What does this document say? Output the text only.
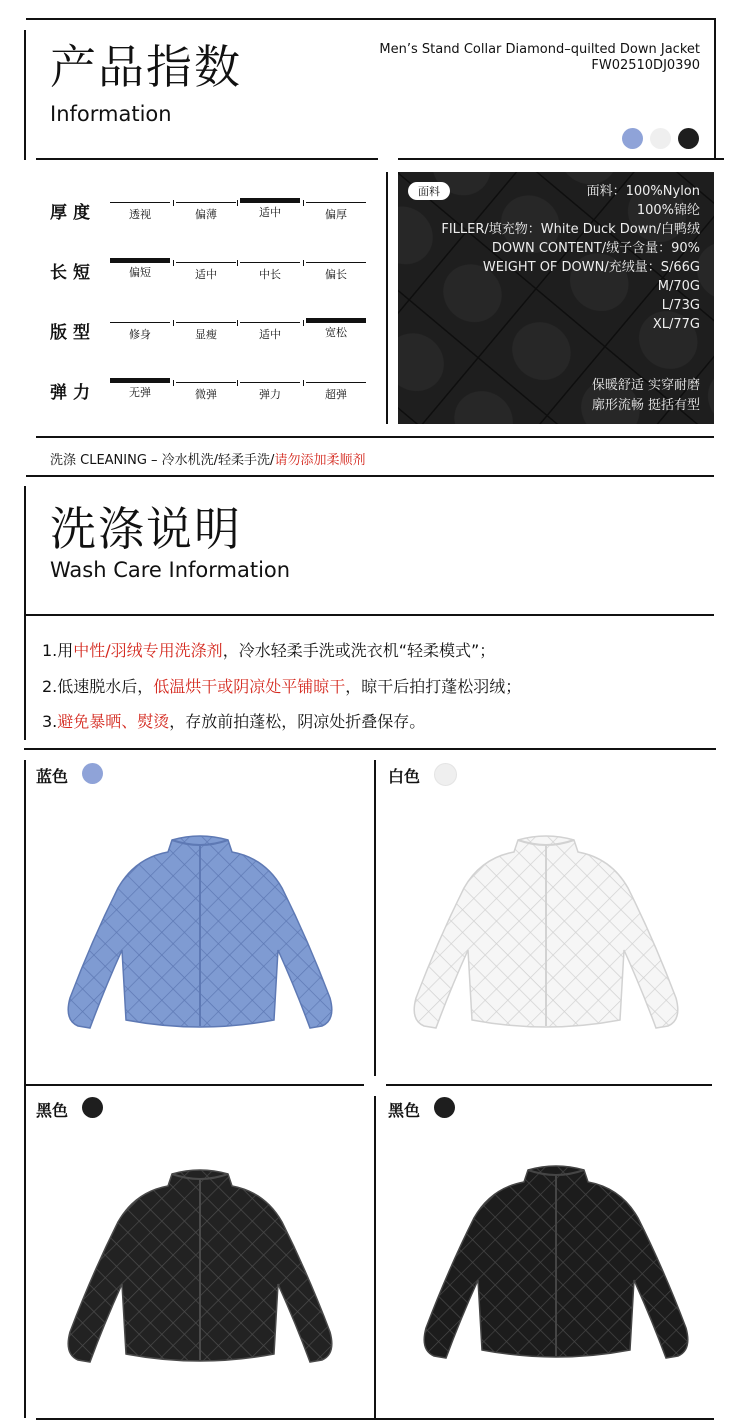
产品指数
Information
Men’s Stand Collar Diamond–quilted Down Jacket
FW02510DJ0390
厚度	透视	偏薄	适中	偏厚
长短	偏短	适中	中长	偏长
版型	修身	显瘦	适中	宽松
弹力	无弹	微弹	弹力	超弹
面料	面料：100%Nylon
100%锦纶
FILLER/填充物：White Duck Down/白鸭绒
DOWN CONTENT/绒子含量：90%
WEIGHT OF DOWN/充绒量：S/66G
M/70G
L/73G
XL/77G
保暖舒适 实穿耐磨
廓形流畅 挺括有型
洗涤 CLEANING – 冷水机洗/轻柔手洗/请勿添加柔顺剂
洗涤说明
Wash Care Information
1.用中性/羽绒专用洗涤剂，冷水轻柔手洗或洗衣机“轻柔模式”；
2.低速脱水后，低温烘干或阴凉处平铺晾干，晾干后拍打蓬松羽绒；
3.避免暴晒、熨烫，存放前拍蓬松，阴凉处折叠保存。
蓝色	白色
黑色	黑色
